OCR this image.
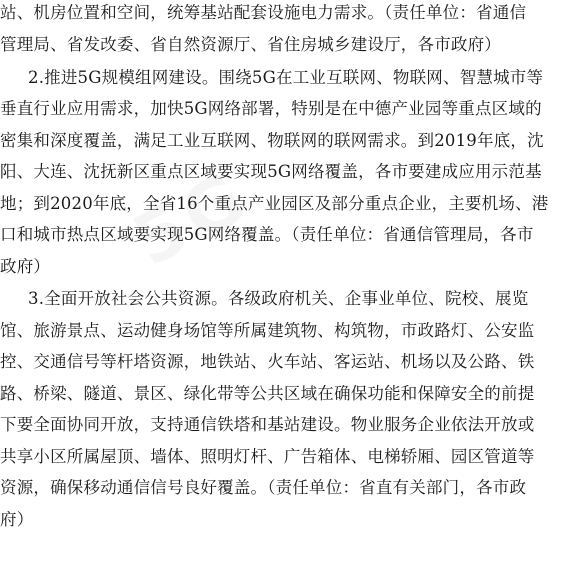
站、机房位置和空间，统筹基站配套设施电力需求。（责任单位：省通信
管理局、省发改委、省自然资源厅、省住房城乡建设厅，各市政府）
2.推进5G规模组网建设。围绕5G在工业互联网、物联网、智慧城市等
垂直行业应用需求，加快5G网络部署，特别是在中德产业园等重点区域的
密集和深度覆盖，满足工业互联网、物联网的联网需求。到2019年底，沈
阳、大连、沈抚新区重点区域要实现5G网络覆盖，各市要建成应用示范基
地；到2020年底，全省16个重点产业园区及部分重点企业，主要机场、港
口和城市热点区域要实现5G网络覆盖。（责任单位：省通信管理局，各市
政府）
3.全面开放社会公共资源。各级政府机关、企事业单位、院校、展览
馆、旅游景点、运动健身场馆等所属建筑物、构筑物，市政路灯、公安监
控、交通信号等杆塔资源，地铁站、火车站、客运站、机场以及公路、铁
路、桥梁、隧道、景区、绿化带等公共区域在确保功能和保障安全的前提
下要全面协同开放，支持通信铁塔和基站建设。物业服务企业依法开放或
共享小区所属屋顶、墙体、照明灯杆、广告箱体、电梯轿厢、园区管道等
资源，确保移动通信信号良好覆盖。（责任单位：省直有关部门，各市政
府）
5G
